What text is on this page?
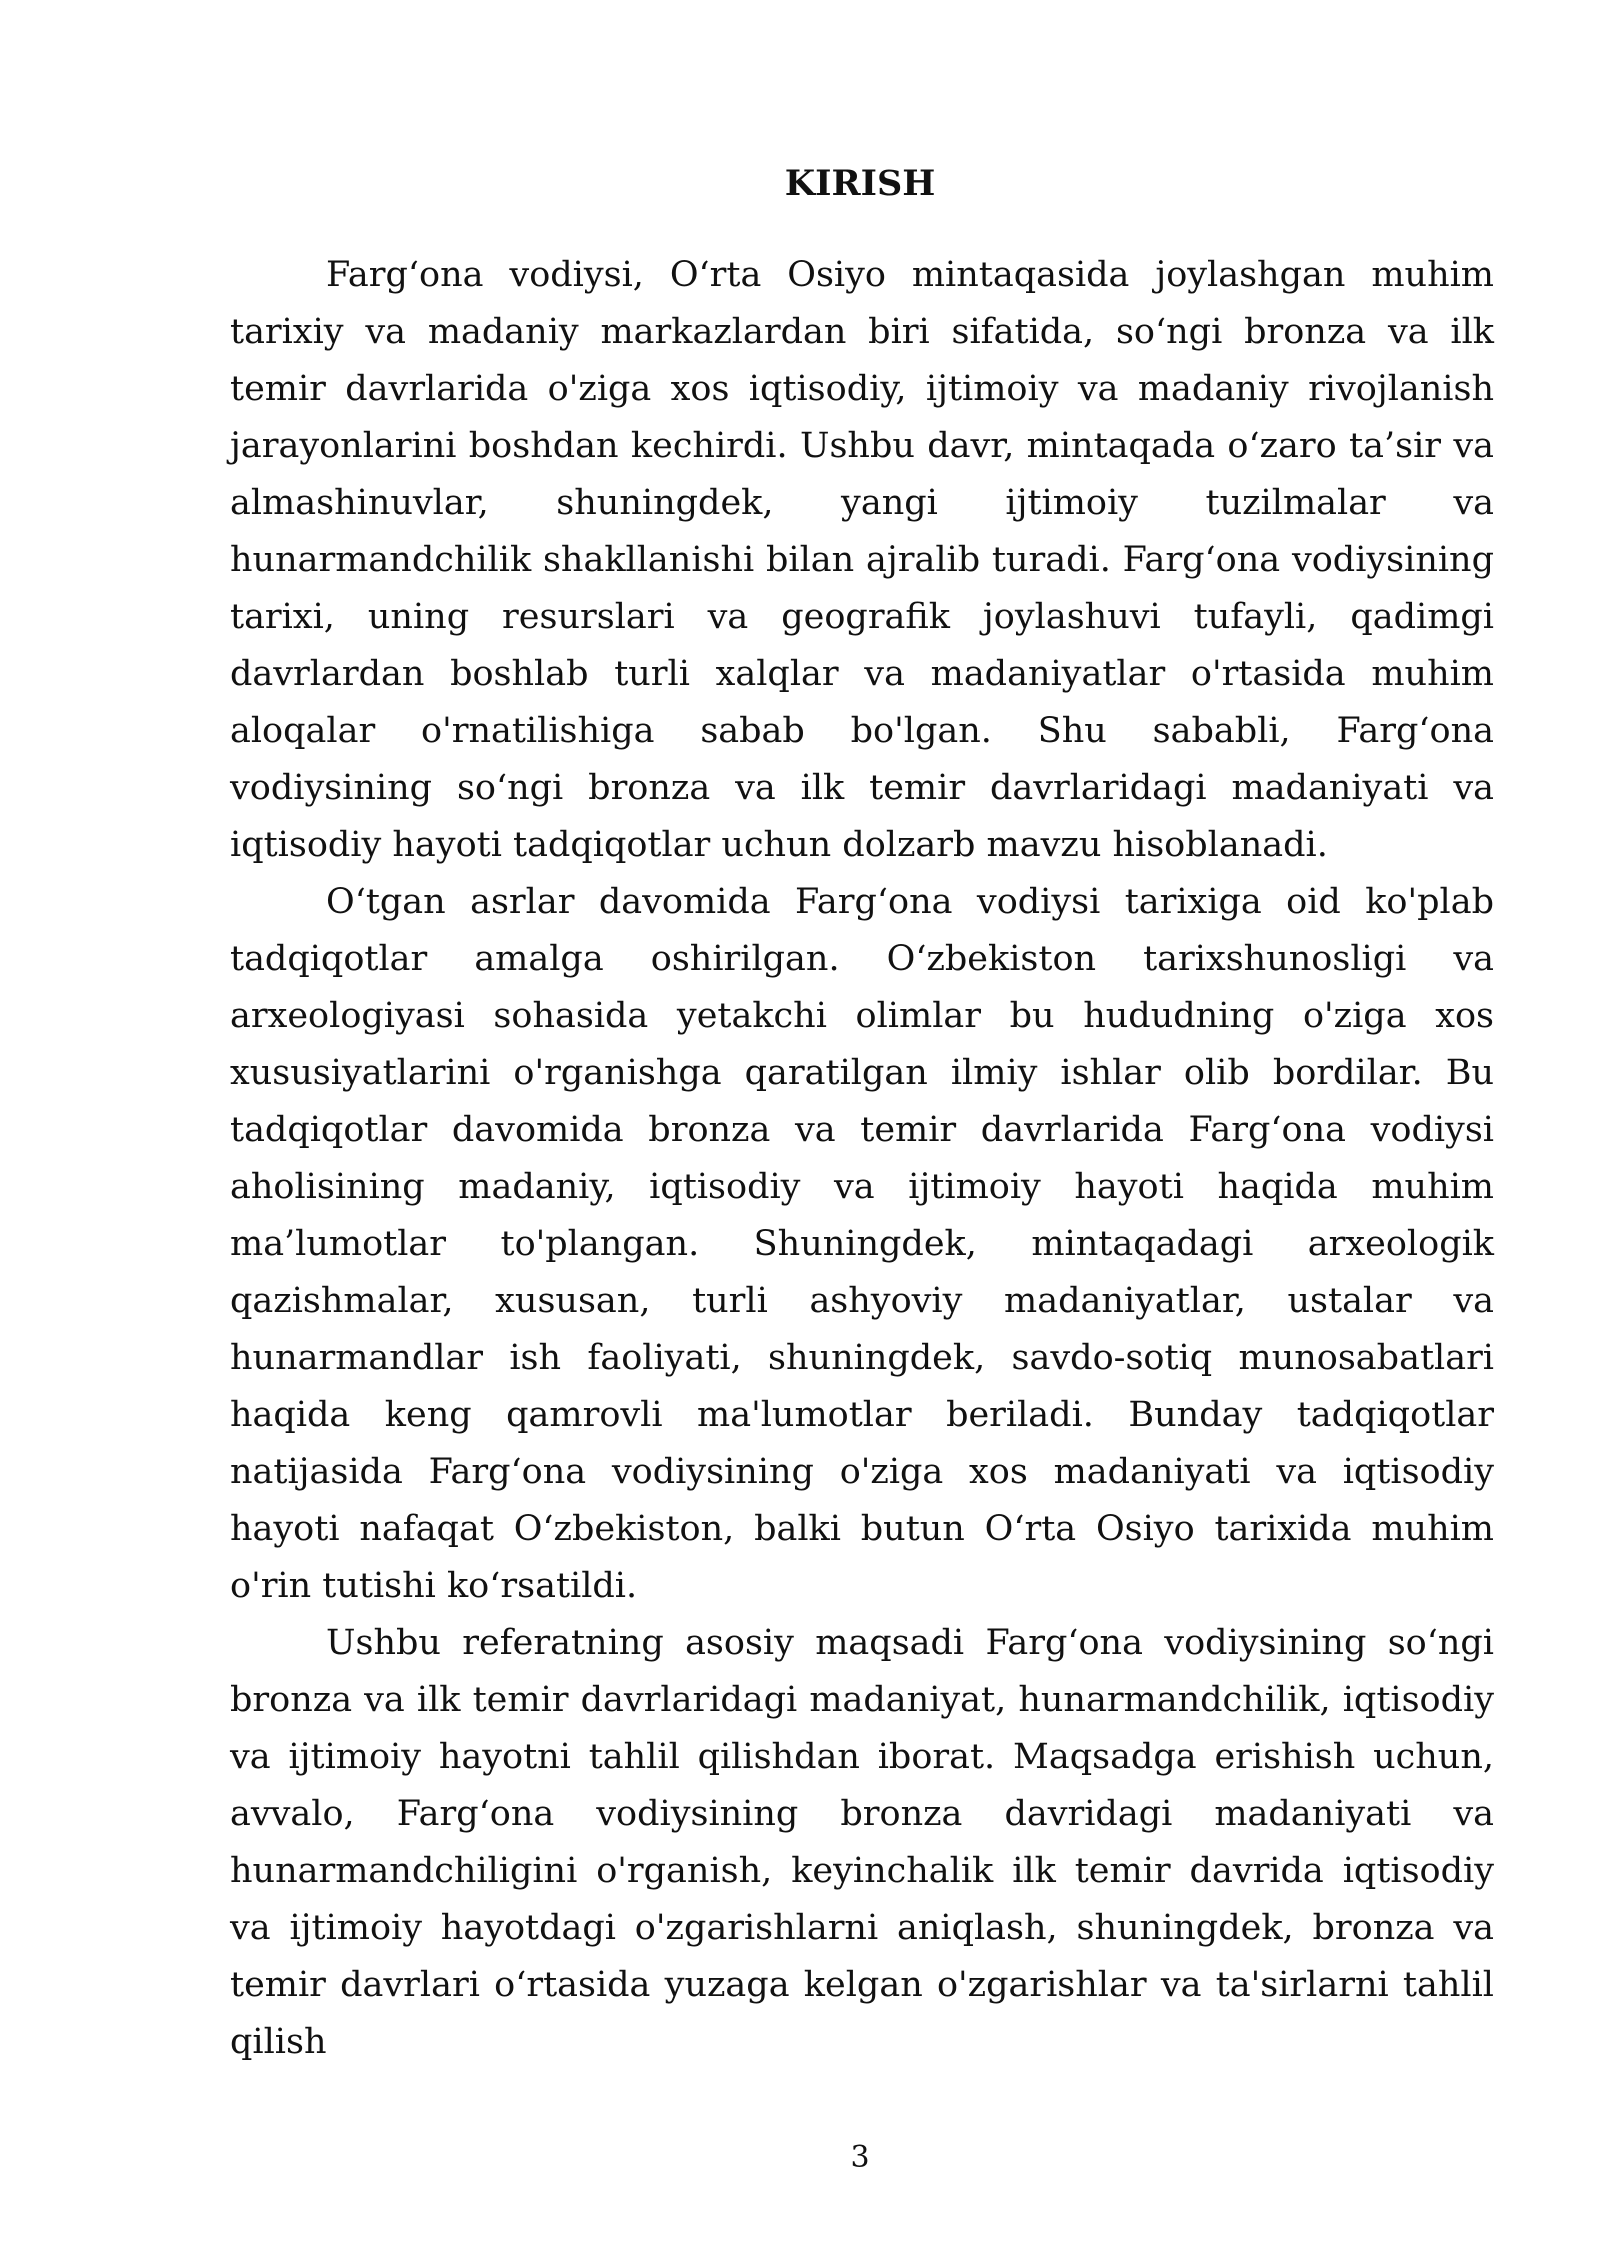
KIRISH

Farg‘ona vodiysi, O‘rta Osiyo mintaqasida joylashgan muhim tarixiy va madaniy markazlardan biri sifatida, so‘ngi bronza va ilk temir davrlarida o'ziga xos iqtisodiy, ijtimoiy va madaniy rivojlanish jarayonlarini boshdan kechirdi. Ushbu davr, mintaqada o‘zaro ta’sir va almashinuvlar, shuningdek, yangi ijtimoiy tuzilmalar va hunarmandchilik shakllanishi bilan ajralib turadi. Farg‘ona vodiysining tarixi, uning resurslari va geografik joylashuvi tufayli, qadimgi davrlardan boshlab turli xalqlar va madaniyatlar o'rtasida muhim aloqalar o'rnatilishiga sabab bo'lgan. Shu sababli, Farg‘ona vodiysining so‘ngi bronza va ilk temir davrlaridagi madaniyati va iqtisodiy hayoti tadqiqotlar uchun dolzarb mavzu hisoblanadi.

O‘tgan asrlar davomida Farg‘ona vodiysi tarixiga oid ko'plab tadqiqotlar amalga oshirilgan. O‘zbekiston tarixshunosligi va arxeologiyasi sohasida yetakchi olimlar bu hududning o'ziga xos xususiyatlarini o'rganishga qaratilgan ilmiy ishlar olib bordilar. Bu tadqiqotlar davomida bronza va temir davrlarida Farg‘ona vodiysi aholisining madaniy, iqtisodiy va ijtimoiy hayoti haqida muhim ma’lumotlar to'plangan. Shuningdek, mintaqadagi arxeologik qazishmalar, xususan, turli ashyoviy madaniyatlar, ustalar va hunarmandlar ish faoliyati, shuningdek, savdo-sotiq munosabatlari haqida keng qamrovli ma'lumotlar beriladi. Bunday tadqiqotlar natijasida Farg‘ona vodiysining o'ziga xos madaniyati va iqtisodiy hayoti nafaqat O‘zbekiston, balki butun O‘rta Osiyo tarixida muhim o'rin tutishi ko‘rsatildi.

Ushbu referatning asosiy maqsadi Farg‘ona vodiysining so‘ngi bronza va ilk temir davrlaridagi madaniyat, hunarmandchilik, iqtisodiy va ijtimoiy hayotni tahlil qilishdan iborat. Maqsadga erishish uchun, avvalo, Farg‘ona vodiysining bronza davridagi madaniyati va hunarmandchiligini o'rganish, keyinchalik ilk temir davrida iqtisodiy va ijtimoiy hayotdagi o'zgarishlarni aniqlash, shuningdek, bronza va temir davrlari o‘rtasida yuzaga kelgan o'zgarishlar va ta'sirlarni tahlil qilish

3
